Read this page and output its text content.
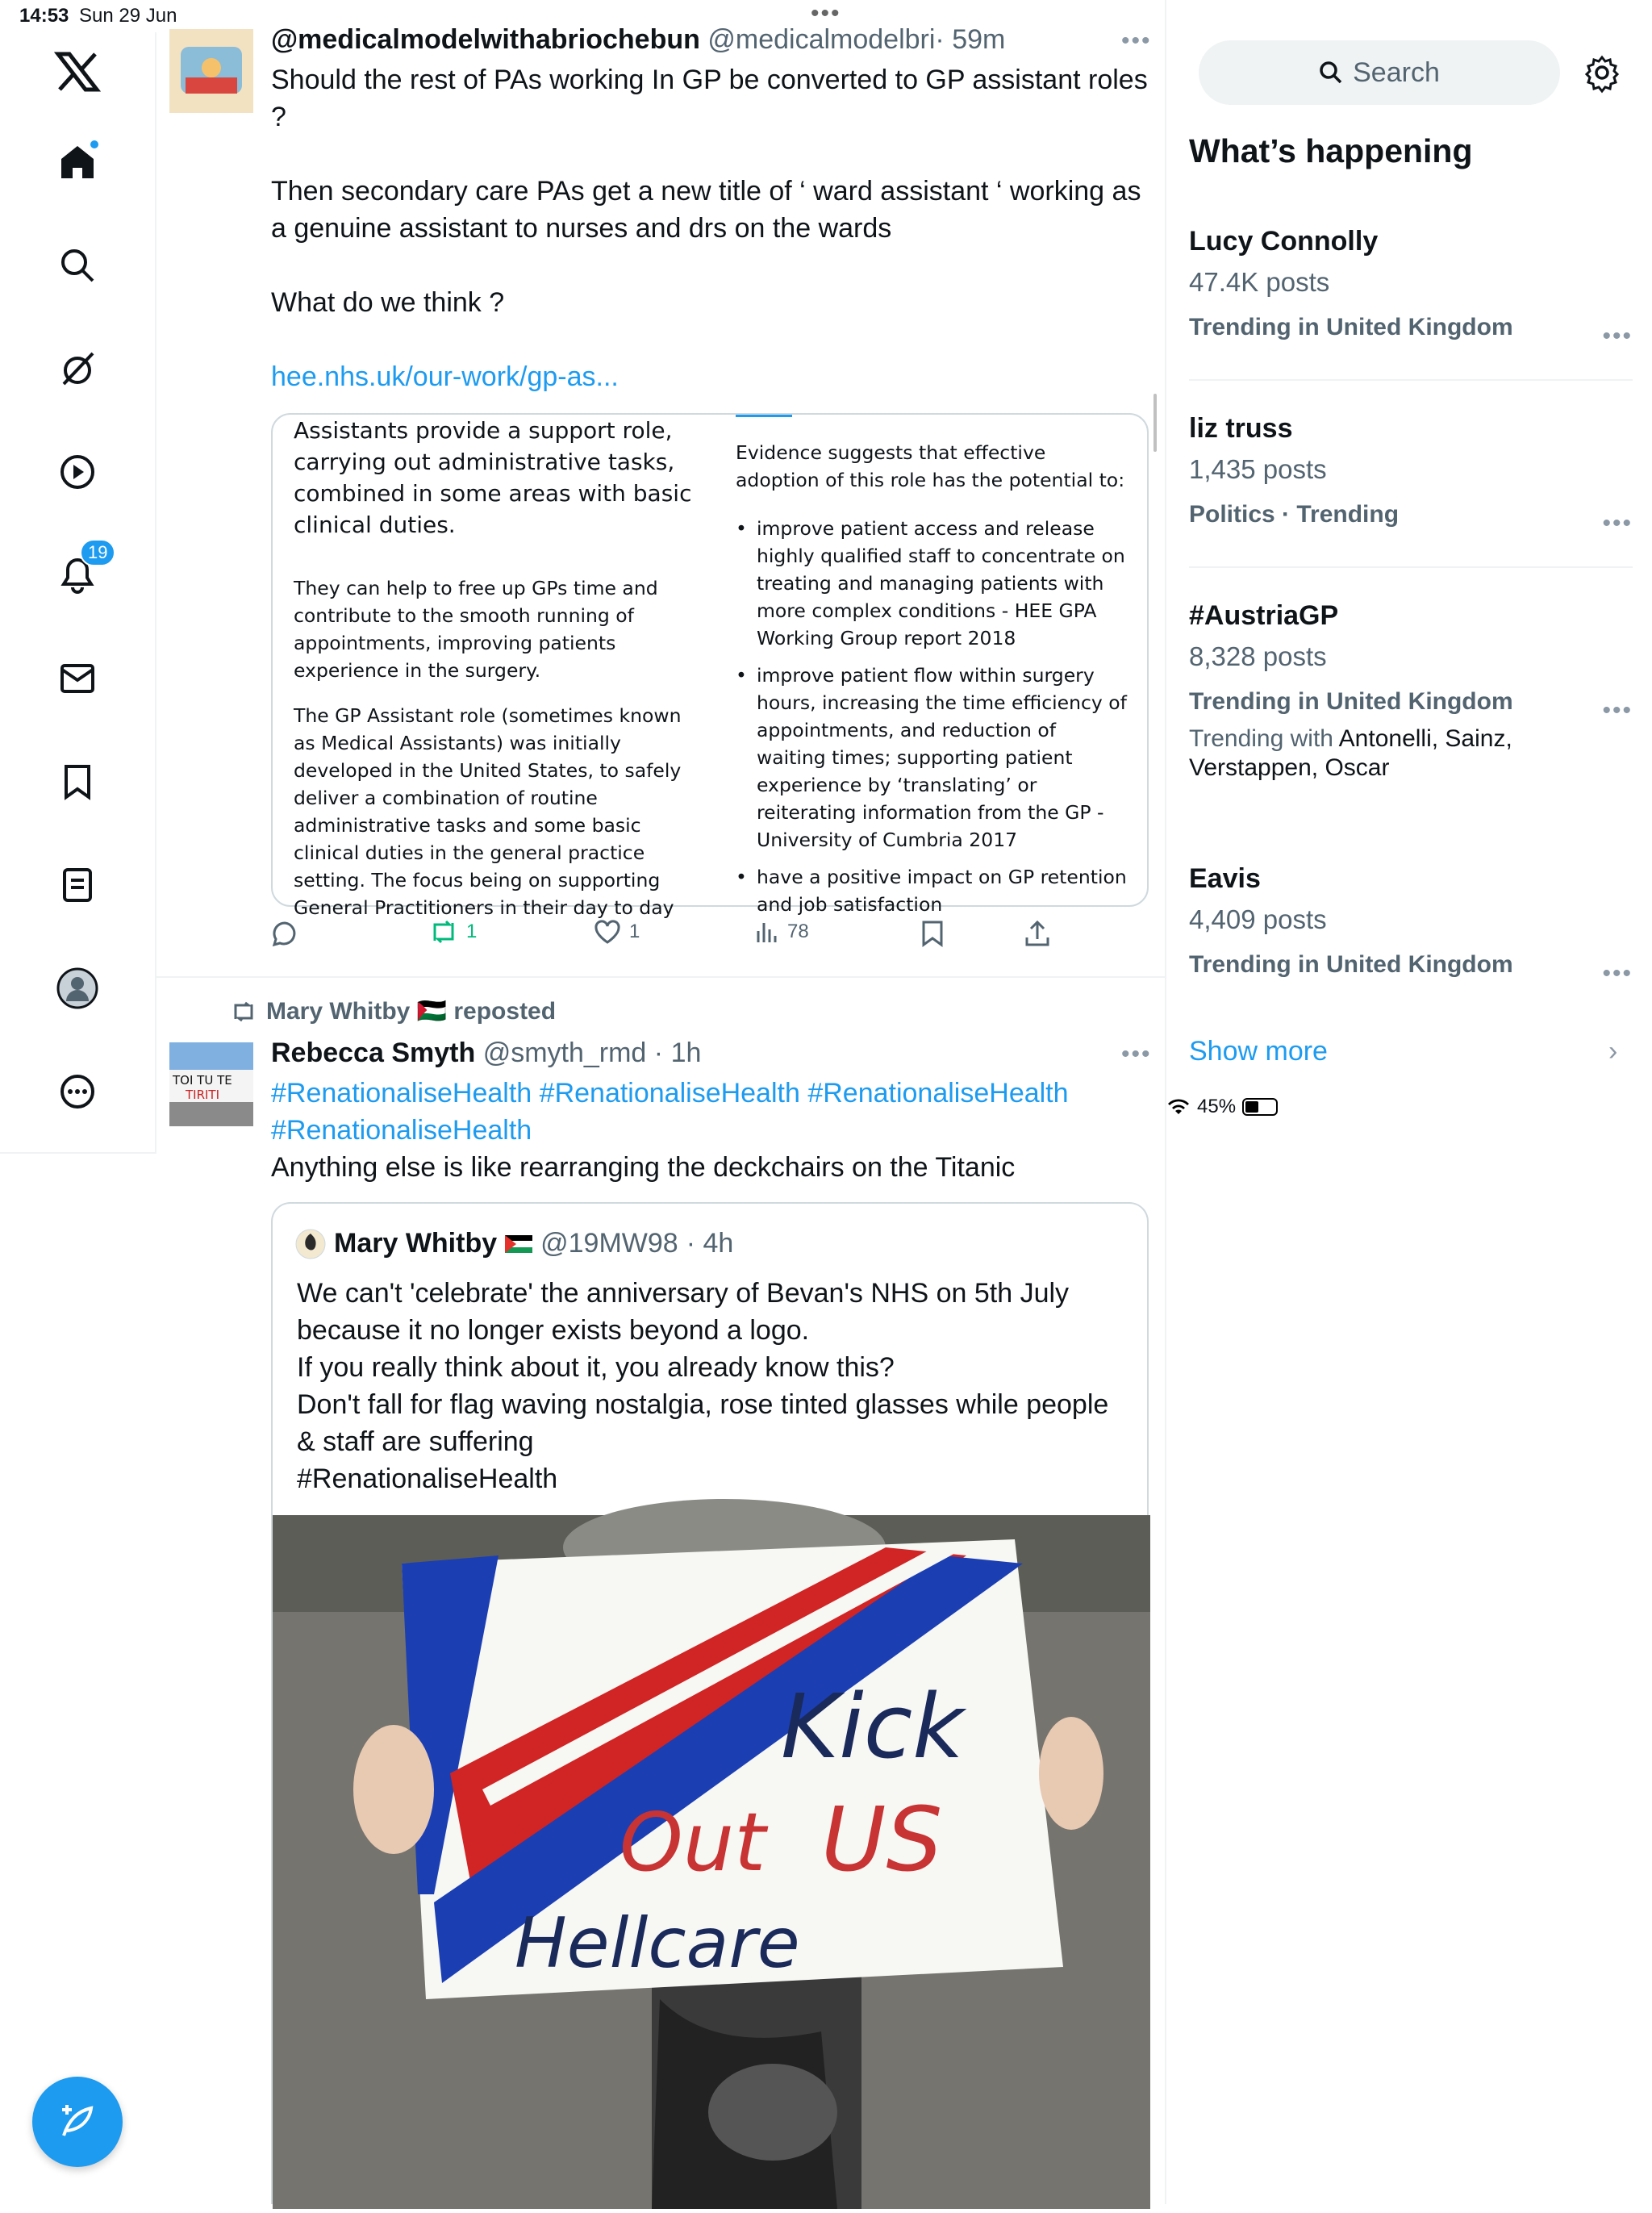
14:53 Sun 29 Jun	•••
45%
19
@medicalmodelwithabriochebun @medicalmodelbri· 59m	•••

Should the rest of PAs working In GP be converted to GP assistant roles ?

Then secondary care PAs get a new title of ‘ ward assistant ‘ working as a genuine assistant to nurses and drs on the wards

What do we think ?

hee.nhs.uk/our-work/gp-as...

Assistants provide a support role, carrying out administrative tasks, combined in some areas with basic clinical duties.

They can help to free up GPs time and contribute to the smooth running of appointments, improving patients experience in the surgery.

The GP Assistant role (sometimes known as Medical Assistants) was initially developed in the United States, to safely deliver a combination of routine administrative tasks and some basic clinical duties in the general practice setting. The focus being on supporting General Practitioners in their day to day

Evidence suggests that effective adoption of this role has the potential to:

• improve patient access and release highly qualified staff to concentrate on treating and managing patients with more complex conditions - HEE GPA Working Group report 2018
• improve patient flow within surgery hours, increasing the time efficiency of appointments, and reduction of waiting times; supporting patient experience by ‘translating’ or reiterating information from the GP - University of Cumbria 2017
• have a positive impact on GP retention and job satisfaction
1	1	78
Mary Whitby 🇵🇸 reposted
TOI TU TE
TIRITI
Rebecca Smyth @smyth_rmd · 1h	•••

#RenationaliseHealth #RenationaliseHealth #RenationaliseHealth #RenationaliseHealth

Anything else is like rearranging the deckchairs on the Titanic

Mary Whitby @19MW98 · 4h

We can't 'celebrate' the anniversary of Bevan's NHS on 5th July because it no longer exists beyond a logo.

If you really think about it, you already know this?

Don't fall for flag waving nostalgia, rose tinted glasses while people & staff are suffering

#RenationaliseHealth

Kick
Out US
Hellcare
Search
What’s happening
Lucy Connolly
47.4K posts
Trending in United Kingdom	•••
liz truss
1,435 posts
Politics · Trending	•••
#AustriaGP
8,328 posts
Trending in United Kingdom
Trending with Antonelli, Sainz, Verstappen, Oscar
•••
Eavis
4,409 posts
Trending in United Kingdom	•••
Show more	›
